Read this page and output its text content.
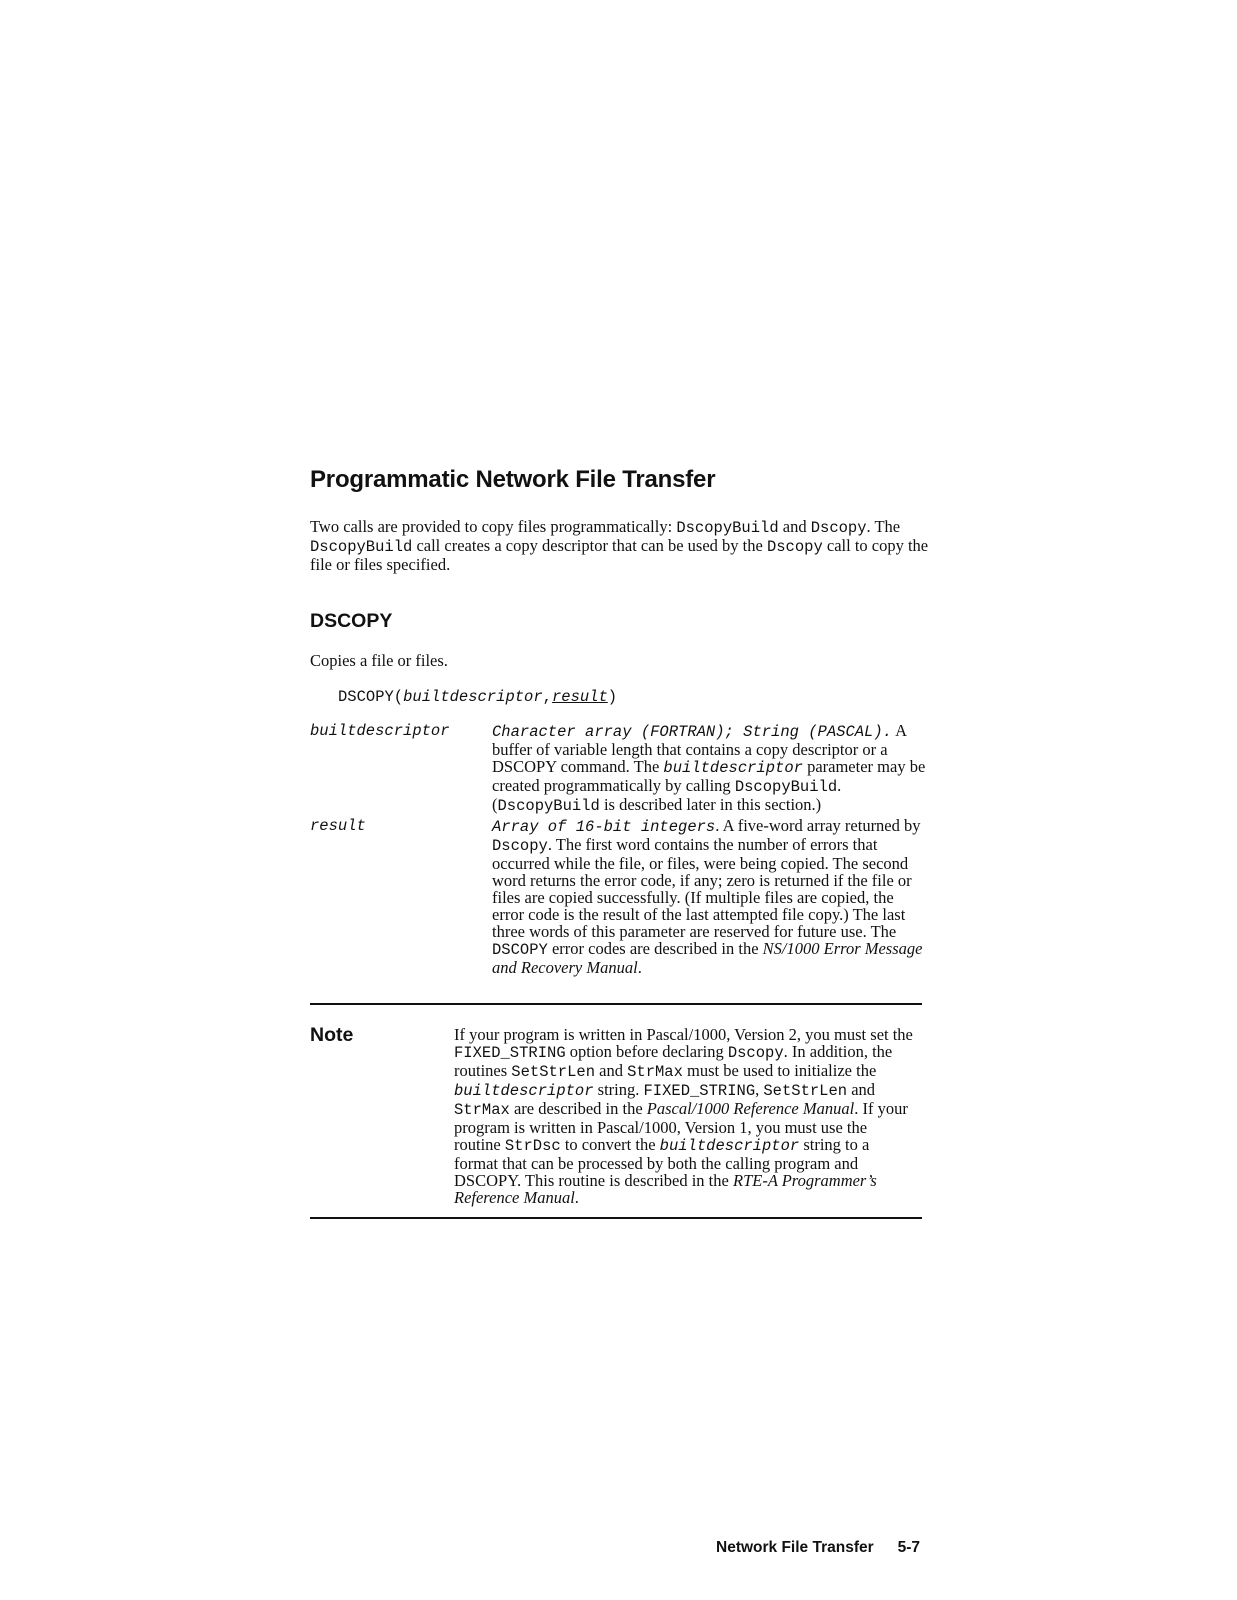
Programmatic Network File Transfer

Two calls are provided to copy files programmatically: DscopyBuild and Dscopy. The DscopyBuild call creates a copy descriptor that can be used by the Dscopy call to copy the file or files specified.

DSCOPY

Copies a file or files.

DSCOPY(builtdescriptor,result)

builtdescriptor	Character array (FORTRAN); String (PASCAL). A buffer of variable length that contains a copy descriptor or a DSCOPY command. The builtdescriptor parameter may be created programmatically by calling DscopyBuild. (DscopyBuild is described later in this section.)

result	Array of 16-bit integers. A five-word array returned by Dscopy. The first word contains the number of errors that occurred while the file, or files, were being copied. The second word returns the error code, if any; zero is returned if the file or files are copied successfully. (If multiple files are copied, the error code is the result of the last attempted file copy.) The last three words of this parameter are reserved for future use. The DSCOPY error codes are described in the NS/1000 Error Message and Recovery Manual.

Note	If your program is written in Pascal/1000, Version 2, you must set the FIXED_STRING option before declaring Dscopy. In addition, the routines SetStrLen and StrMax must be used to initialize the builtdescriptor string. FIXED_STRING, SetStrLen and StrMax are described in the Pascal/1000 Reference Manual. If your program is written in Pascal/1000, Version 1, you must use the routine StrDsc to convert the builtdescriptor string to a format that can be processed by both the calling program and DSCOPY. This routine is described in the RTE-A Programmer’s Reference Manual.

Network File Transfer 5-7
